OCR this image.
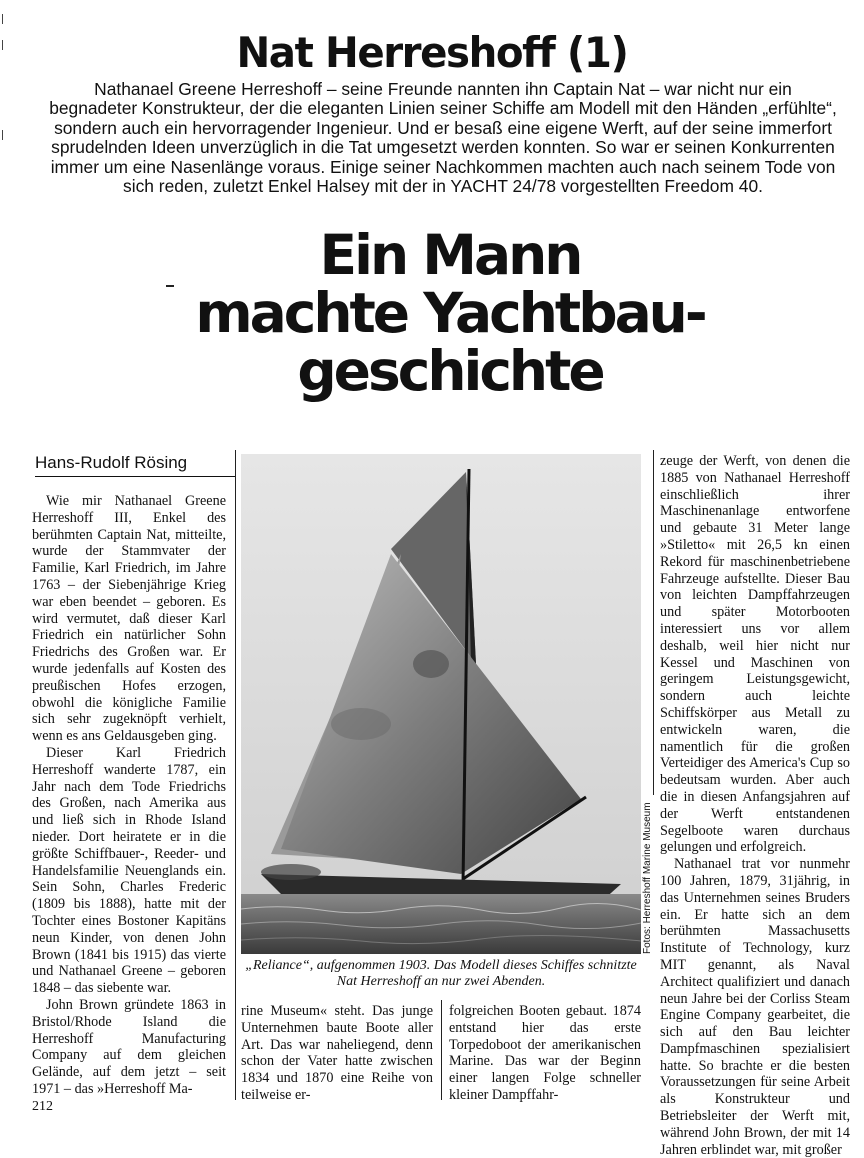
Nat Herreshoff (1)

Nathanael Greene Herreshoff – seine Freunde nannten ihn Captain Nat – war nicht nur ein begnadeter Konstrukteur, der die eleganten Linien seiner Schiffe am Modell mit den Händen „erfühlte“, sondern auch ein hervorragender Ingenieur. Und er besaß eine eigene Werft, auf der seine immerfort sprudelnden Ideen unverzüglich in die Tat umgesetzt werden konnten. So war er seinen Konkurrenten immer um eine Nasenlänge voraus. Einige seiner Nachkommen machten auch nach seinem Tode von sich reden, zuletzt Enkel Halsey mit der in YACHT 24/78 vorgestellten Freedom 40.

Ein Mann
machte Yachtbau-
geschichte
Hans-Rudolf Rösing

Wie mir Nathanael Greene Herreshoff III, Enkel des berühmten Captain Nat, mitteilte, wurde der Stammvater der Familie, Karl Friedrich, im Jahre 1763 – der Siebenjährige Krieg war eben beendet – geboren. Es wird vermutet, daß dieser Karl Friedrich ein natürlicher Sohn Friedrichs des Großen war. Er wurde jedenfalls auf Kosten des preußischen Hofes erzogen, obwohl die königliche Familie sich sehr zugeknöpft verhielt, wenn es ans Geldausgeben ging.

Dieser Karl Friedrich Herreshoff wanderte 1787, ein Jahr nach dem Tode Friedrichs des Großen, nach Amerika aus und ließ sich in Rhode Island nieder. Dort heiratete er in die größte Schiffbauer-, Reeder- und Handelsfamilie Neuenglands ein. Sein Sohn, Charles Frederic (1809 bis 1888), hatte mit der Tochter eines Bostoner Kapitäns neun Kinder, von denen John Brown (1841 bis 1915) das vierte und Nathanael Greene – geboren 1848 – das siebente war.

John Brown gründete 1863 in Bristol/Rhode Island die Herreshoff Manufacturing Company auf dem gleichen Gelände, auf dem jetzt – seit 1971 – das »Herreshoff Ma-

Fotos: Herreshoff Marine Museum

„Reliance“, aufgenommen 1903. Das Modell dieses Schiffes schnitzte Nat Herreshoff an nur zwei Abenden.

rine Museum« steht. Das junge Unternehmen baute Boote aller Art. Das war naheliegend, denn schon der Vater hatte zwischen 1834 und 1870 eine Reihe von teilweise er-

folgreichen Booten gebaut. 1874 entstand hier das erste Torpedoboot der amerikanischen Marine. Das war der Beginn einer langen Folge schneller kleiner Dampffahr-

zeuge der Werft, von denen die 1885 von Nathanael Herreshoff einschließlich ihrer Maschinenanlage entworfene und gebaute 31 Meter lange »Stiletto« mit 26,5 kn einen Rekord für maschinenbetriebene Fahrzeuge aufstellte. Dieser Bau von leichten Dampffahrzeugen und später Motorbooten interessiert uns vor allem deshalb, weil hier nicht nur Kessel und Maschinen von geringem Leistungsgewicht, sondern auch leichte Schiffskörper aus Metall zu entwickeln waren, die namentlich für die großen Verteidiger des America's Cup so bedeutsam wurden. Aber auch die in diesen Anfangsjahren auf der Werft entstandenen Segelboote waren durchaus gelungen und erfolgreich.

Nathanael trat vor nunmehr 100 Jahren, 1879, 31jährig, in das Unternehmen seines Bruders ein. Er hatte sich an dem berühmten Massachusetts Institute of Technology, kurz MIT genannt, als Naval Architect qualifiziert und danach neun Jahre bei der Corliss Steam Engine Company gearbeitet, die sich auf den Bau leichter Dampfmaschinen spezialisiert hatte. So brachte er die besten Voraussetzungen für seine Arbeit als Konstrukteur und Betriebsleiter der Werft mit, während John Brown, der mit 14 Jahren erblindet war, mit großer

212
